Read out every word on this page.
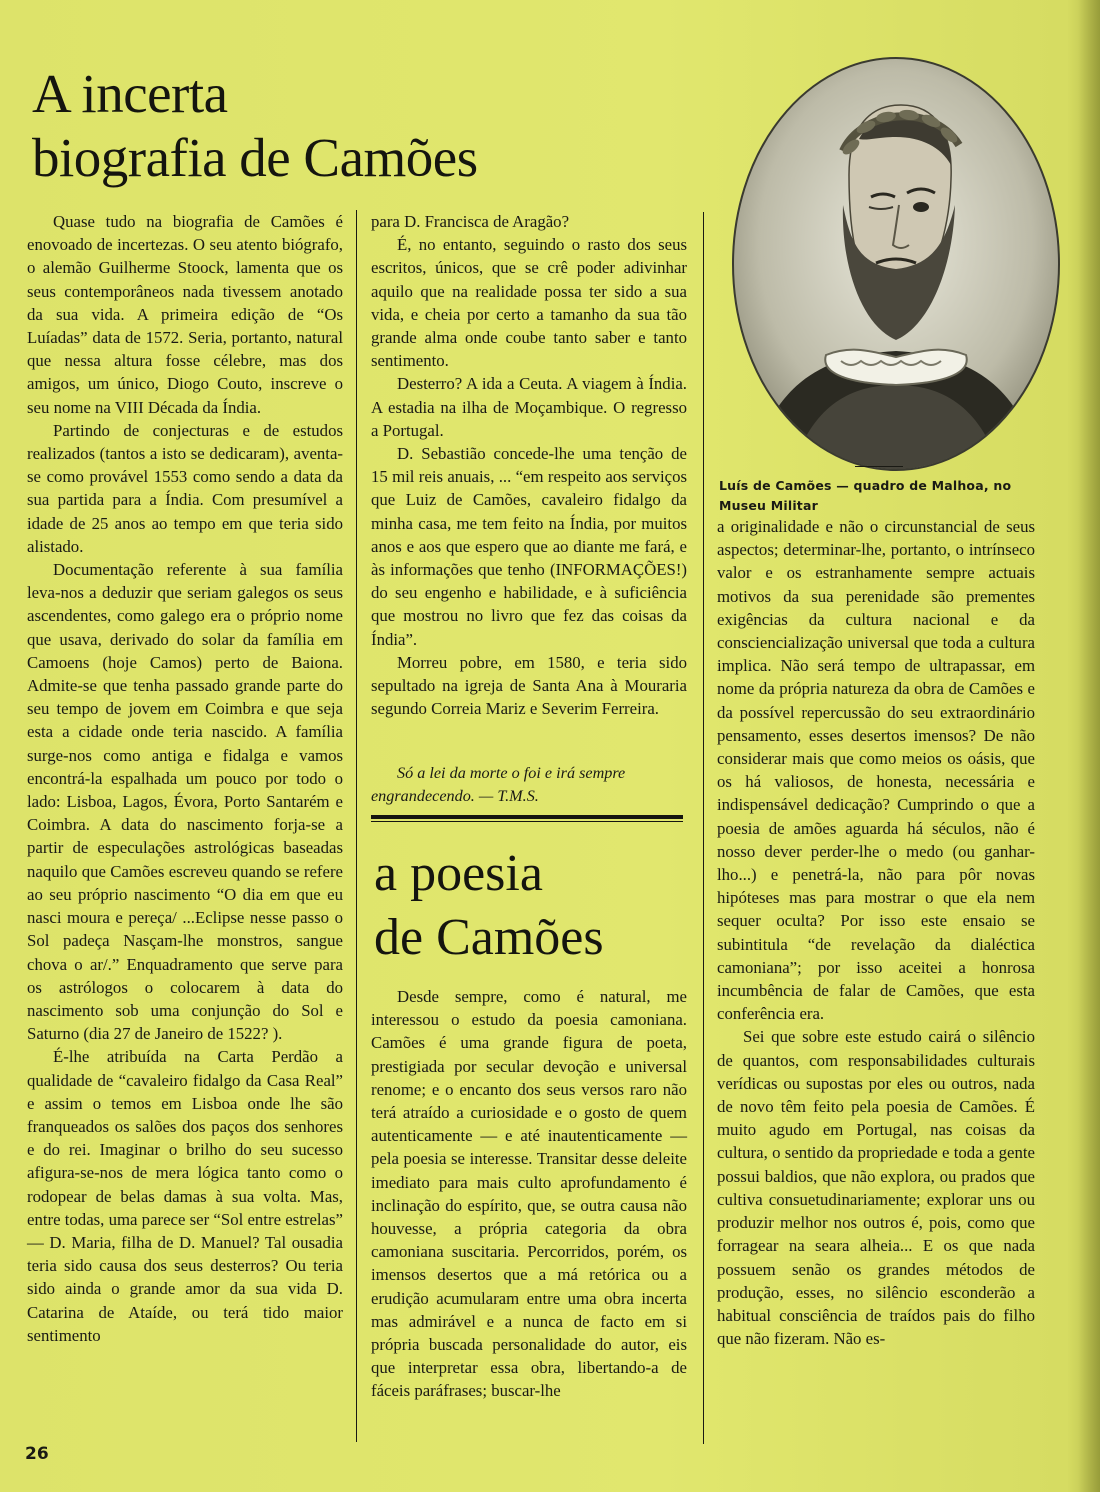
A incerta
biografia de Camões

Quase tudo na biografia de Camões é enovoado de incertezas. O seu atento biógrafo, o alemão Guilherme Stoock, lamenta que os seus contemporâneos nada tivessem anotado da sua vida. A primeira edição de “Os Luíadas” data de 1572. Seria, portanto, natural que nessa altura fosse célebre, mas dos amigos, um único, Diogo Couto, inscreve o seu nome na VIII Década da Índia.

Partindo de conjecturas e de estudos realizados (tantos a isto se dedicaram), aventa-se como provável 1553 como sendo a data da sua partida para a Índia. Com presumível a idade de 25 anos ao tempo em que teria sido alistado.

Documentação referente à sua família leva-nos a deduzir que seriam galegos os seus ascendentes, como galego era o próprio nome que usava, derivado do solar da família em Camoens (hoje Camos) perto de Baiona. Admite-se que tenha passado grande parte do seu tempo de jovem em Coimbra e que seja esta a cidade onde teria nascido. A família surge-nos como antiga e fidalga e vamos encontrá-la espalhada um pouco por todo o lado: Lisboa, Lagos, Évora, Porto Santarém e Coimbra. A data do nascimento forja-se a partir de especulações astrológicas baseadas naquilo que Camões escreveu quando se refere ao seu próprio nascimento “O dia em que eu nasci moura e pereça/ ...Eclipse nesse passo o Sol padeça Nasçam-lhe monstros, sangue chova o ar/.” Enquadramento que serve para os astrólogos o colocarem à data do nascimento sob uma conjunção do Sol e Saturno (dia 27 de Janeiro de 1522? ).

É-lhe atribuída na Carta Perdão a qualidade de “cavaleiro fidalgo da Casa Real” e assim o temos em Lisboa onde lhe são franqueados os salões dos paços dos senhores e do rei. Imaginar o brilho do seu sucesso afigura-se-nos de mera lógica tanto como o rodopear de belas damas à sua volta. Mas, entre todas, uma parece ser “Sol entre estrelas” — D. Maria, filha de D. Manuel? Tal ousadia teria sido causa dos seus desterros? Ou teria sido ainda o grande amor da sua vida D. Catarina de Ataíde, ou terá tido maior sentimento

para D. Francisca de Aragão?

É, no entanto, seguindo o rasto dos seus escritos, únicos, que se crê poder adivinhar aquilo que na realidade possa ter sido a sua vida, e cheia por certo a tamanho da sua tão grande alma onde coube tanto saber e tanto sentimento.

Desterro? A ida a Ceuta. A viagem à Índia. A estadia na ilha de Moçambique. O regresso a Portugal.

D. Sebastião concede-lhe uma tenção de 15 mil reis anuais, ... “em respeito aos serviços que Luiz de Camões, cavaleiro fidalgo da minha casa, me tem feito na Índia, por muitos anos e aos que espero que ao diante me fará, e às informações que tenho (INFORMAÇÕES!) do seu engenho e habilidade, e à suficiência que mostrou no livro que fez das coisas da Índia”.

Morreu pobre, em 1580, e teria sido sepultado na igreja de Santa Ana à Mouraria segundo Correia Mariz e Severim Ferreira.

Só a lei da morte o foi e irá sempre engrandecendo. — T.M.S.
a poesia
de Camões

Desde sempre, como é natural, me interessou o estudo da poesia camoniana. Camões é uma grande figura de poeta, prestigiada por secular devoção e universal renome; e o encanto dos seus versos raro não terá atraído a curiosidade e o gosto de quem autenticamente — e até inautenticamente — pela poesia se interesse. Transitar desse deleite imediato para mais culto aprofundamento é inclinação do espírito, que, se outra causa não houvesse, a própria categoria da obra camoniana suscitaria. Percorridos, porém, os imensos desertos que a má retórica ou a erudição acumularam entre uma obra incerta mas admirável e a nunca de facto em si própria buscada personalidade do autor, eis que interpretar essa obra, libertando-a de fáceis paráfrases; buscar-lhe

Luís de Camões — quadro de Malhoa, no Museu Militar

a originalidade e não o circunstancial de seus aspectos; determinar-lhe, portanto, o intrínseco valor e os estranhamente sempre actuais motivos da sua perenidade são prementes exigências da cultura nacional e da consciencialização universal que toda a cultura implica. Não será tempo de ultrapassar, em nome da própria natureza da obra de Camões e da possível repercussão do seu extraordinário pensamento, esses desertos imensos? De não considerar mais que como meios os oásis, que os há valiosos, de honesta, necessária e indispensável dedicação? Cumprindo o que a poesia de amões aguarda há séculos, não é nosso dever perder-lhe o medo (ou ganhar-lho...) e penetrá-la, não para pôr novas hipóteses mas para mostrar o que ela nem sequer oculta? Por isso este ensaio se subintitula “de revelação da dialéctica camoniana”; por isso aceitei a honrosa incumbência de falar de Camões, que esta conferência era.

Sei que sobre este estudo cairá o silêncio de quantos, com responsabilidades culturais verídicas ou supostas por eles ou outros, nada de novo têm feito pela poesia de Camões. É muito agudo em Portugal, nas coisas da cultura, o sentido da propriedade e toda a gente possui baldios, que não explora, ou prados que cultiva consuetudinariamente; explorar uns ou produzir melhor nos outros é, pois, como que forragear na seara alheia... E os que nada possuem senão os grandes métodos de produção, esses, no silêncio esconderão a habitual consciência de traídos pais do filho que não fizeram. Não es-

26
